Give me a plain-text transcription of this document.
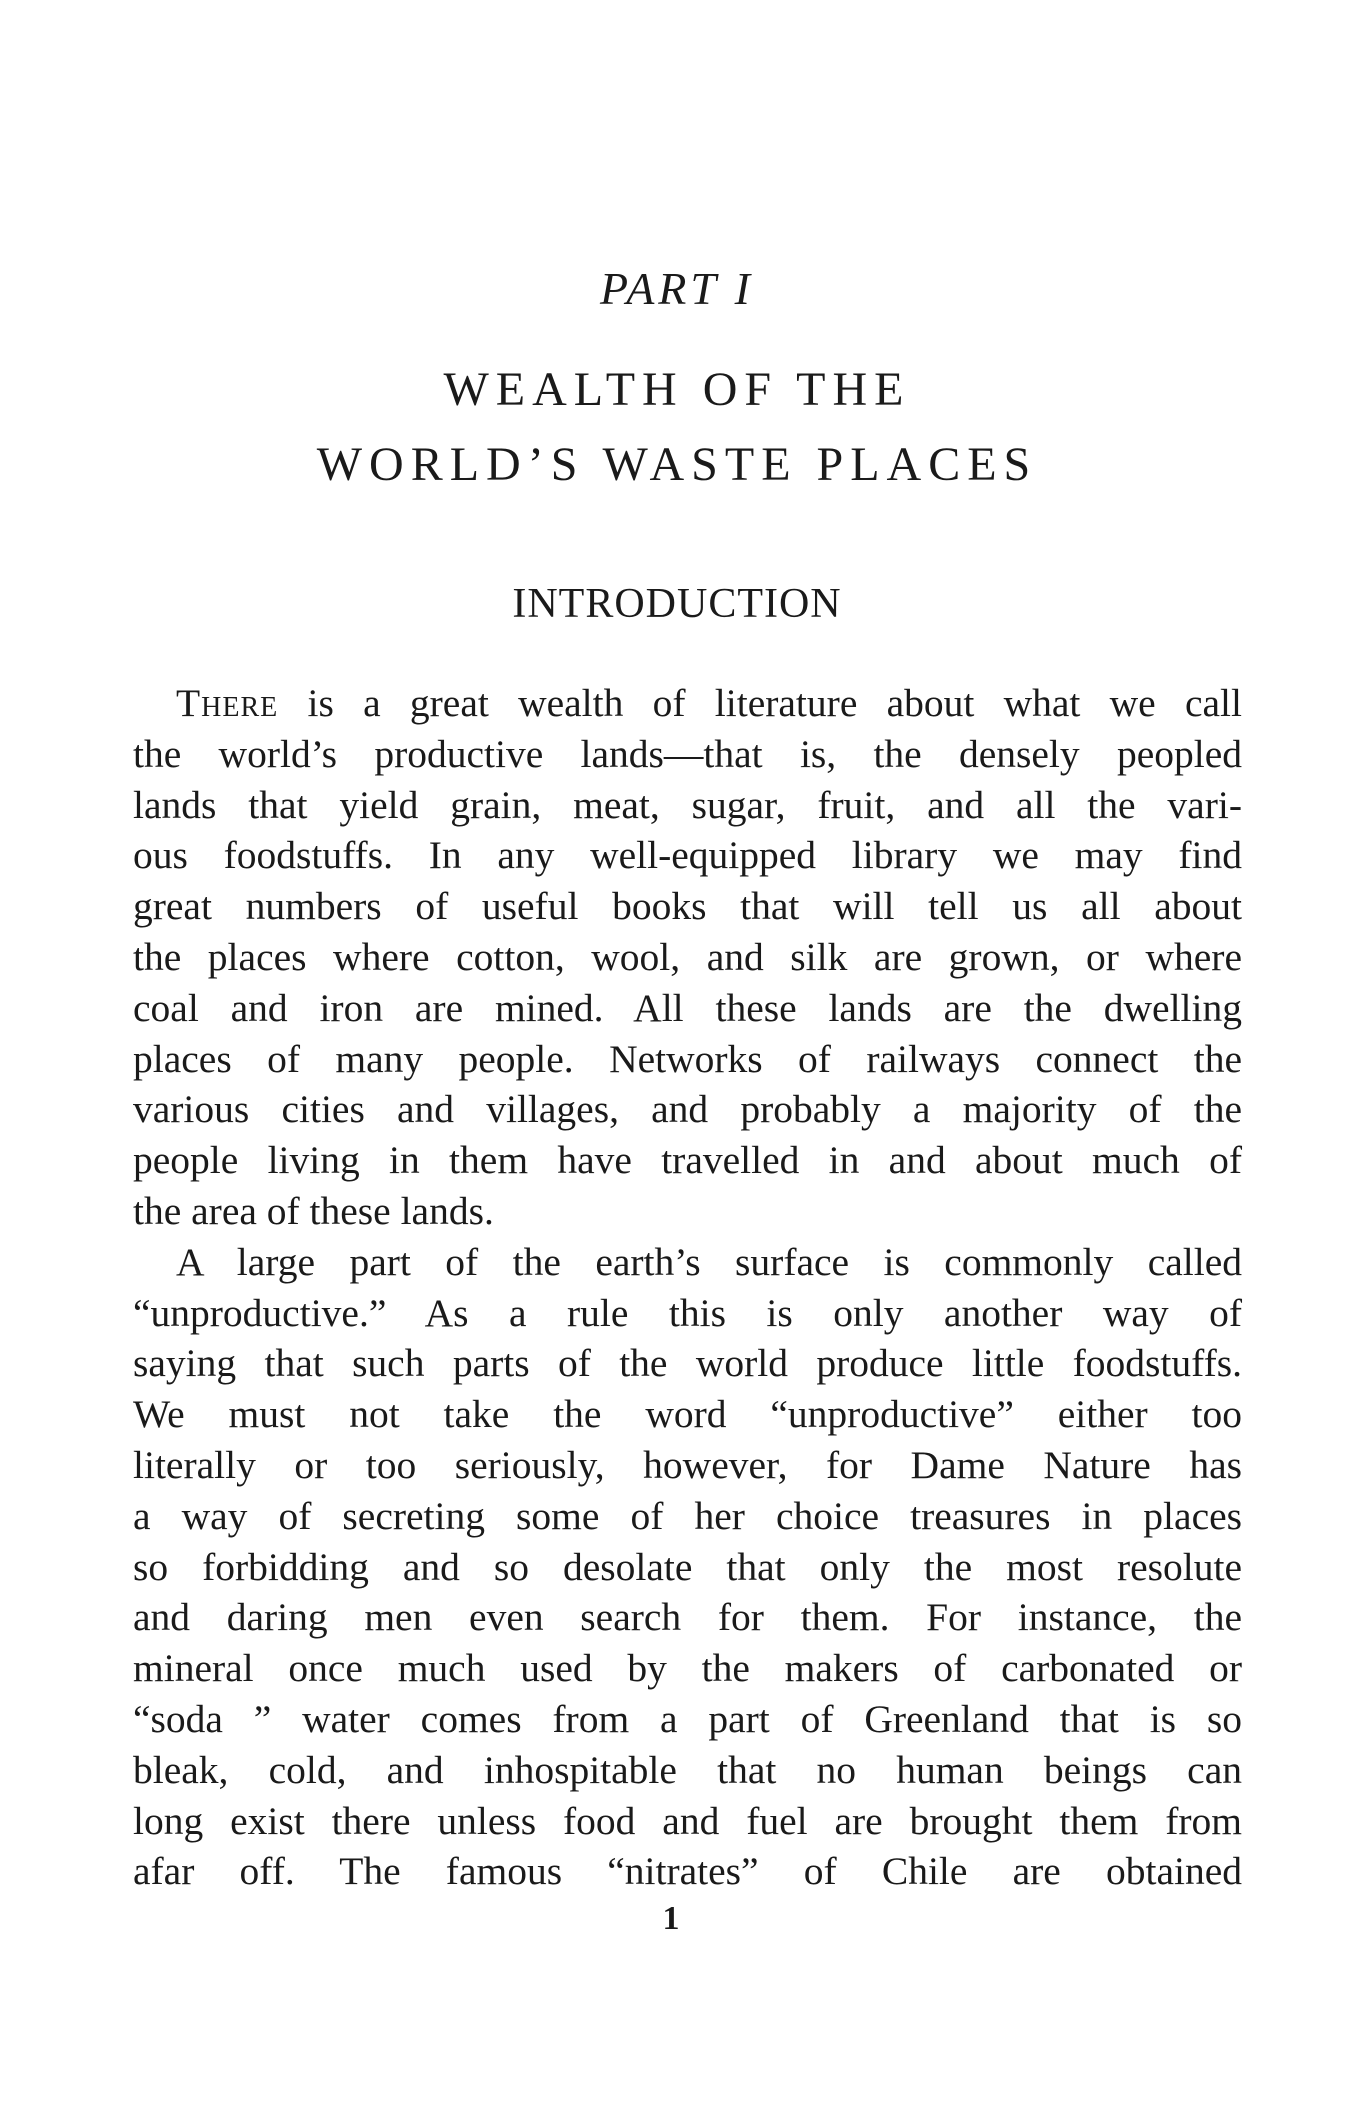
PART I
WEALTH OF THE
WORLD’S WASTE PLACES
INTRODUCTION
There is a great wealth of literature about what we call
the world’s productive lands—that is, the densely peopled
lands that yield grain, meat, sugar, fruit, and all the vari-
ous foodstuffs. In any well-equipped library we may find
great numbers of useful books that will tell us all about
the places where cotton, wool, and silk are grown, or where
coal and iron are mined. All these lands are the dwelling
places of many people. Networks of railways connect the
various cities and villages, and probably a majority of the
people living in them have travelled in and about much of
the area of these lands.
A large part of the earth’s surface is commonly called
“unproductive.” As a rule this is only another way of
saying that such parts of the world produce little foodstuffs.
We must not take the word “unproductive” either too
literally or too seriously, however, for Dame Nature has
a way of secreting some of her choice treasures in places
so forbidding and so desolate that only the most resolute
and daring men even search for them. For instance, the
mineral once much used by the makers of carbonated or
“soda ” water comes from a part of Greenland that is so
bleak, cold, and inhospitable that no human beings can
long exist there unless food and fuel are brought them from
afar off. The famous “nitrates” of Chile are obtained
1
